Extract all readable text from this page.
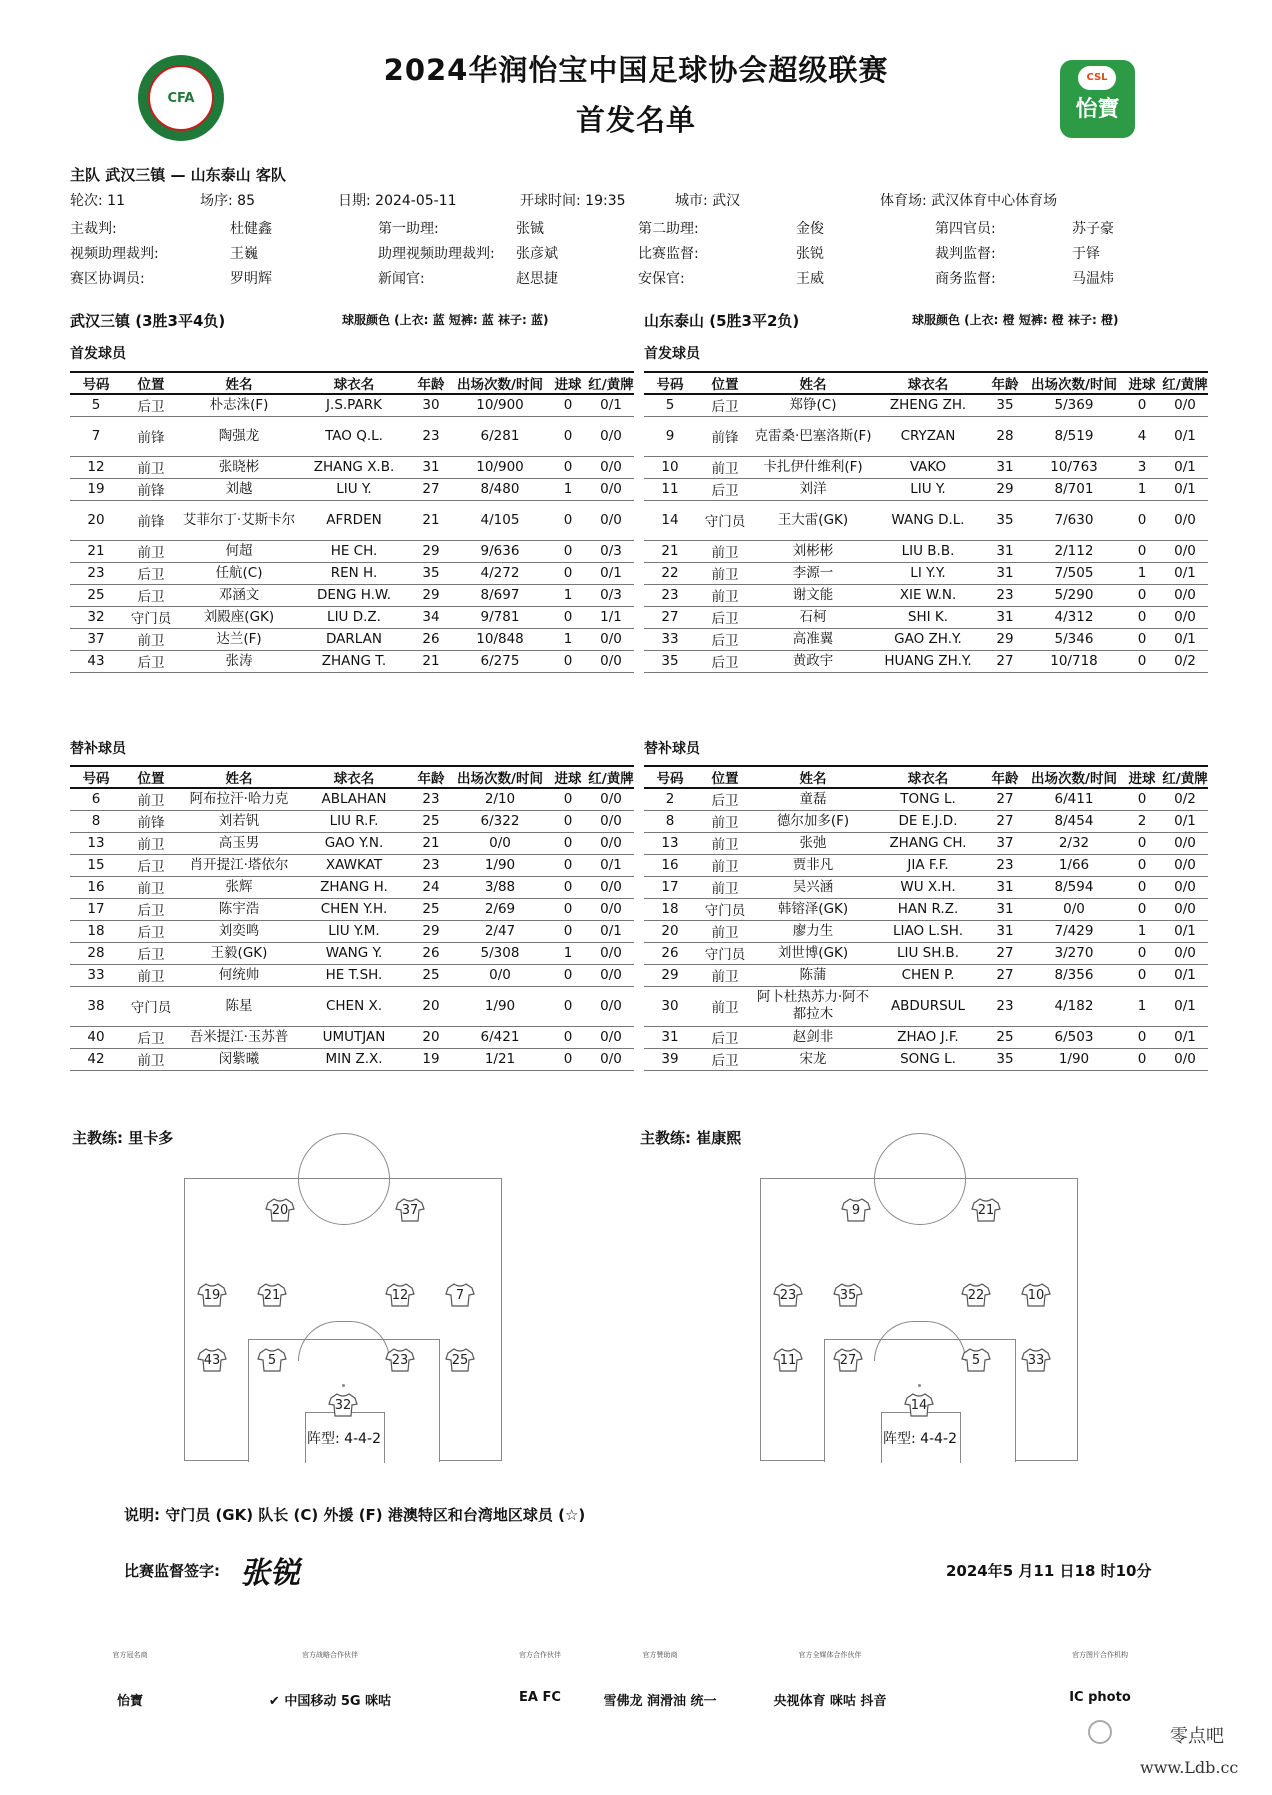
CFA
2024华润怡宝中国足球协会超级联赛
首发名单
CSL
怡寶
主队 武汉三镇 — 山东泰山 客队
轮次: 11	场序: 85	日期: 2024-05-11	开球时间: 19:35	城市: 武汉	体育场: 武汉体育中心体育场
主裁判:	杜健鑫	第一助理:	张铖	第二助理:	金俊	第四官员:	苏子豪
视频助理裁判:	王巍	助理视频助理裁判: 张彦斌	比赛监督:	张锐	裁判监督:	于铎
赛区协调员:	罗明辉	新闻官:	赵思捷	安保官:	王威	商务监督:	马温炜
武汉三镇 (3胜3平4负)	球服颜色 (上衣: 蓝 短裤: 蓝 袜子: 蓝)	山东泰山 (5胜3平2负)	球服颜色 (上衣: 橙 短裤: 橙 袜子: 橙)
首发球员	首发球员
号码	位置	姓名	球衣名	年龄	出场次数/时间	进球	红/黄牌
5	后卫	朴志洙(F)	J.S.PARK	30	10/900	0	0/1
7	前锋	陶强龙	TAO Q.L.	23	6/281	0	0/0
12	前卫	张晓彬	ZHANG X.B.	31	10/900	0	0/0
19	前锋	刘越	LIU Y.	27	8/480	1	0/0
20	前锋	艾菲尔丁·艾斯卡尔	AFRDEN	21	4/105	0	0/0
21	前卫	何超	HE CH.	29	9/636	0	0/3
23	后卫	任航(C)	REN H.	35	4/272	0	0/1
25	后卫	邓涵文	DENG H.W.	29	8/697	1	0/3
32	守门员	刘殿座(GK)	LIU D.Z.	34	9/781	0	1/1
37	前卫	达兰(F)	DARLAN	26	10/848	1	0/0
43	后卫	张涛	ZHANG T.	21	6/275	0	0/0
号码	位置	姓名	球衣名	年龄	出场次数/时间	进球	红/黄牌
5	后卫	郑铮(C)	ZHENG ZH.	35	5/369	0	0/0
9	前锋	克雷桑·巴塞洛斯(F)	CRYZAN	28	8/519	4	0/1
10	前卫	卡扎伊什维利(F)	VAKO	31	10/763	3	0/1
11	后卫	刘洋	LIU Y.	29	8/701	1	0/1
14	守门员	王大雷(GK)	WANG D.L.	35	7/630	0	0/0
21	前卫	刘彬彬	LIU B.B.	31	2/112	0	0/0
22	前卫	李源一	LI Y.Y.	31	7/505	1	0/1
23	前卫	谢文能	XIE W.N.	23	5/290	0	0/0
27	后卫	石柯	SHI K.	31	4/312	0	0/0
33	后卫	高准翼	GAO ZH.Y.	29	5/346	0	0/1
35	后卫	黄政宇	HUANG ZH.Y.	27	10/718	0	0/2
替补球员	替补球员
号码	位置	姓名	球衣名	年龄	出场次数/时间	进球	红/黄牌
6	前卫	阿布拉汗·哈力克	ABLAHAN	23	2/10	0	0/0
8	前锋	刘若钒	LIU R.F.	25	6/322	0	0/0
13	前卫	高玉男	GAO Y.N.	21	0/0	0	0/0
15	后卫	肖开提江·塔依尔	XAWKAT	23	1/90	0	0/1
16	前卫	张辉	ZHANG H.	24	3/88	0	0/0
17	后卫	陈宇浩	CHEN Y.H.	25	2/69	0	0/0
18	后卫	刘奕鸣	LIU Y.M.	29	2/47	0	0/1
28	后卫	王毅(GK)	WANG Y.	26	5/308	1	0/0
33	前卫	何统帅	HE T.SH.	25	0/0	0	0/0
38	守门员	陈星	CHEN X.	20	1/90	0	0/0
40	后卫	吾米提江·玉苏普	UMUTJAN	20	6/421	0	0/0
42	前卫	闵紫曦	MIN Z.X.	19	1/21	0	0/0
号码	位置	姓名	球衣名	年龄	出场次数/时间	进球	红/黄牌
2	后卫	童磊	TONG L.	27	6/411	0	0/2
8	前卫	德尔加多(F)	DE E.J.D.	27	8/454	2	0/1
13	前卫	张弛	ZHANG CH.	37	2/32	0	0/0
16	前卫	贾非凡	JIA F.F.	23	1/66	0	0/0
17	前卫	吴兴涵	WU X.H.	31	8/594	0	0/0
18	守门员	韩镕泽(GK)	HAN R.Z.	31	0/0	0	0/0
20	前卫	廖力生	LIAO L.SH.	31	7/429	1	0/1
26	守门员	刘世博(GK)	LIU SH.B.	27	3/270	0	0/0
29	前卫	陈蒲	CHEN P.	27	8/356	0	0/1
30	前卫	阿卜杜热苏力·阿不都拉木	ABDURSUL	23	4/182	1	0/1
31	后卫	赵剑非	ZHAO J.F.	25	6/503	0	0/1
39	后卫	宋龙	SONG L.	35	1/90	0	0/0
主教练: 里卡多	主教练: 崔康熙
20	37
19	21	12	7
43	5	23	25
32
9	21
23	35	22	10
11	27	5	33
14
阵型: 4-4-2	阵型: 4-4-2
说明: 守门员 (GK) 队长 (C) 外援 (F) 港澳特区和台湾地区球员 (☆)
比赛监督签字: 张锐	2024年5 月11 日18 时10分
官方冠名商
怡寶
官方战略合作伙伴
✔ 中国移动 5G 咪咕
官方合作伙伴
EA FC
官方赞助商
雪佛龙 润滑油 统一
官方全媒体合作伙伴
央视体育 咪咕 抖音
官方图片合作机构
IC photo
零点吧
www.Ldb.cc
